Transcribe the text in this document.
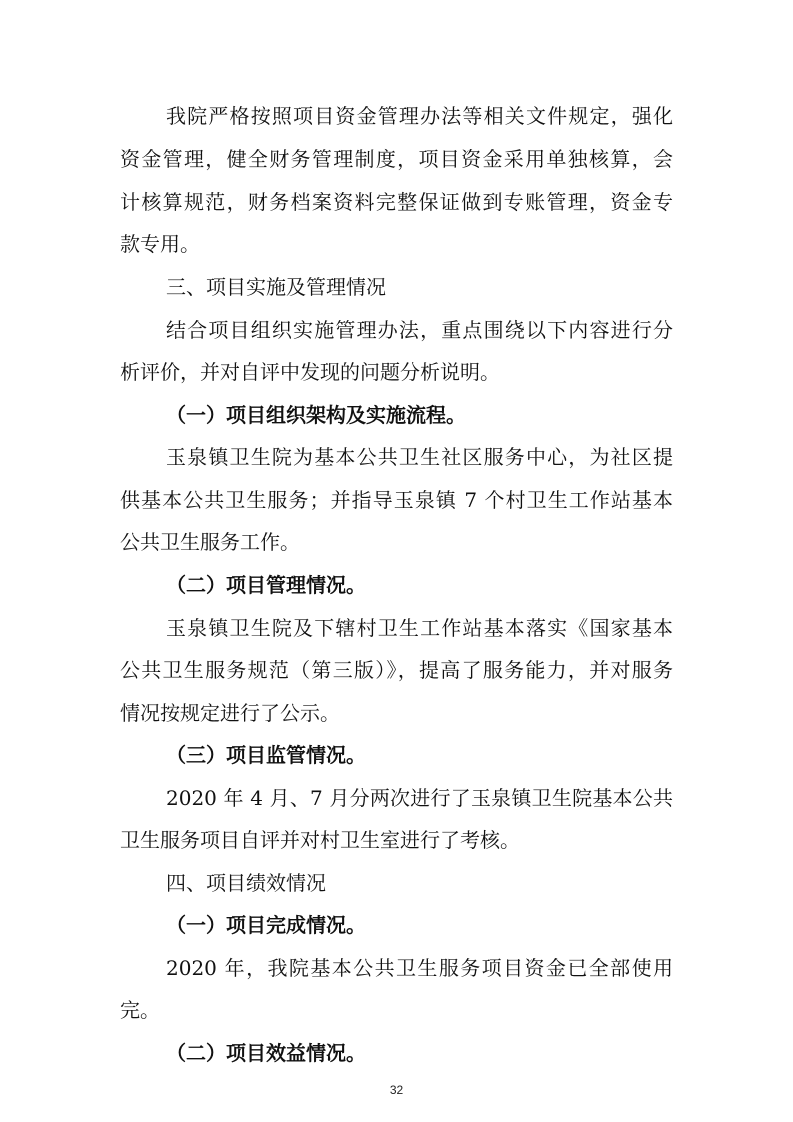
我院严格按照项目资金管理办法等相关文件规定，强化
资金管理，健全财务管理制度，项目资金采用单独核算，会
计核算规范，财务档案资料完整保证做到专账管理，资金专
款专用。
三、项目实施及管理情况
结合项目组织实施管理办法，重点围绕以下内容进行分
析评价，并对自评中发现的问题分析说明。
（一）项目组织架构及实施流程。
玉泉镇卫生院为基本公共卫生社区服务中心，为社区提
供基本公共卫生服务；并指导玉泉镇 7 个村卫生工作站基本
公共卫生服务工作。
（二）项目管理情况。
玉泉镇卫生院及下辖村卫生工作站基本落实《国家基本
公共卫生服务规范（第三版）》，提高了服务能力，并对服务
情况按规定进行了公示。
（三）项目监管情况。
2020 年 4 月、7 月分两次进行了玉泉镇卫生院基本公共
卫生服务项目自评并对村卫生室进行了考核。
四、项目绩效情况
（一）项目完成情况。
2020 年，我院基本公共卫生服务项目资金已全部使用
完。
（二）项目效益情况。
32
